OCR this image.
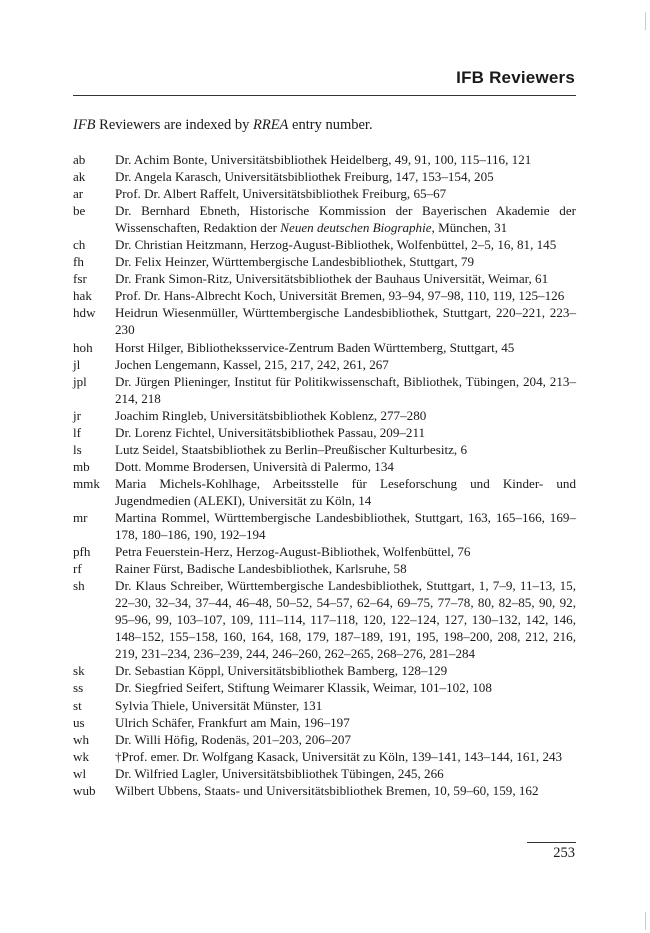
IFB Reviewers
IFB Reviewers are indexed by RREA entry number.
ab	Dr. Achim Bonte, Universitätsbibliothek Heidelberg, 49, 91, 100, 115–116, 121
ak	Dr. Angela Karasch, Universitätsbibliothek Freiburg, 147, 153–154, 205
ar	Prof. Dr. Albert Raffelt, Universitätsbibliothek Freiburg, 65–67
be	Dr. Bernhard Ebneth, Historische Kommission der Bayerischen Akademie der Wissenschaften, Redaktion der Neuen deutschen Biographie, München, 31
ch	Dr. Christian Heitzmann, Herzog-August-Bibliothek, Wolfenbüttel, 2–5, 16, 81, 145
fh	Dr. Felix Heinzer, Württembergische Landesbibliothek, Stuttgart, 79
fsr	Dr. Frank Simon-Ritz, Universitätsbibliothek der Bauhaus Universität, Weimar, 61
hak	Prof. Dr. Hans-Albrecht Koch, Universität Bremen, 93–94, 97–98, 110, 119, 125–126
hdw	Heidrun Wiesenmüller, Württembergische Landesbibliothek, Stuttgart, 220–221, 223–230
hoh	Horst Hilger, Bibliotheksservice-Zentrum Baden Württemberg, Stuttgart, 45
jl	Jochen Lengemann, Kassel, 215, 217, 242, 261, 267
jpl	Dr. Jürgen Plieninger, Institut für Politikwissenschaft, Bibliothek, Tübingen, 204, 213–214, 218
jr	Joachim Ringleb, Universitätsbibliothek Koblenz, 277–280
lf	Dr. Lorenz Fichtel, Universitätsbibliothek Passau, 209–211
ls	Lutz Seidel, Staatsbibliothek zu Berlin–Preußischer Kulturbesitz, 6
mb	Dott. Momme Brodersen, Università di Palermo, 134
mmk	Maria Michels-Kohlhage, Arbeitsstelle für Leseforschung und Kinder- und Jugendmedien (ALEKI), Universität zu Köln, 14
mr	Martina Rommel, Württembergische Landesbibliothek, Stuttgart, 163, 165–166, 169–178, 180–186, 190, 192–194
pfh	Petra Feuerstein-Herz, Herzog-August-Bibliothek, Wolfenbüttel, 76
rf	Rainer Fürst, Badische Landesbibliothek, Karlsruhe, 58
sh	Dr. Klaus Schreiber, Württembergische Landesbibliothek, Stuttgart, 1, 7–9, 11–13, 15, 22–30, 32–34, 37–44, 46–48, 50–52, 54–57, 62–64, 69–75, 77–78, 80, 82–85, 90, 92, 95–96, 99, 103–107, 109, 111–114, 117–118, 120, 122–124, 127, 130–132, 142, 146, 148–152, 155–158, 160, 164, 168, 179, 187–189, 191, 195, 198–200, 208, 212, 216, 219, 231–234, 236–239, 244, 246–260, 262–265, 268–276, 281–284
sk	Dr. Sebastian Köppl, Universitätsbibliothek Bamberg, 128–129
ss	Dr. Siegfried Seifert, Stiftung Weimarer Klassik, Weimar, 101–102, 108
st	Sylvia Thiele, Universität Münster, 131
us	Ulrich Schäfer, Frankfurt am Main, 196–197
wh	Dr. Willi Höfig, Rodenäs, 201–203, 206–207
wk	†Prof. emer. Dr. Wolfgang Kasack, Universität zu Köln, 139–141, 143–144, 161, 243
wl	Dr. Wilfried Lagler, Universitätsbibliothek Tübingen, 245, 266
wub	Wilbert Ubbens, Staats- und Universitätsbibliothek Bremen, 10, 59–60, 159, 162
253
